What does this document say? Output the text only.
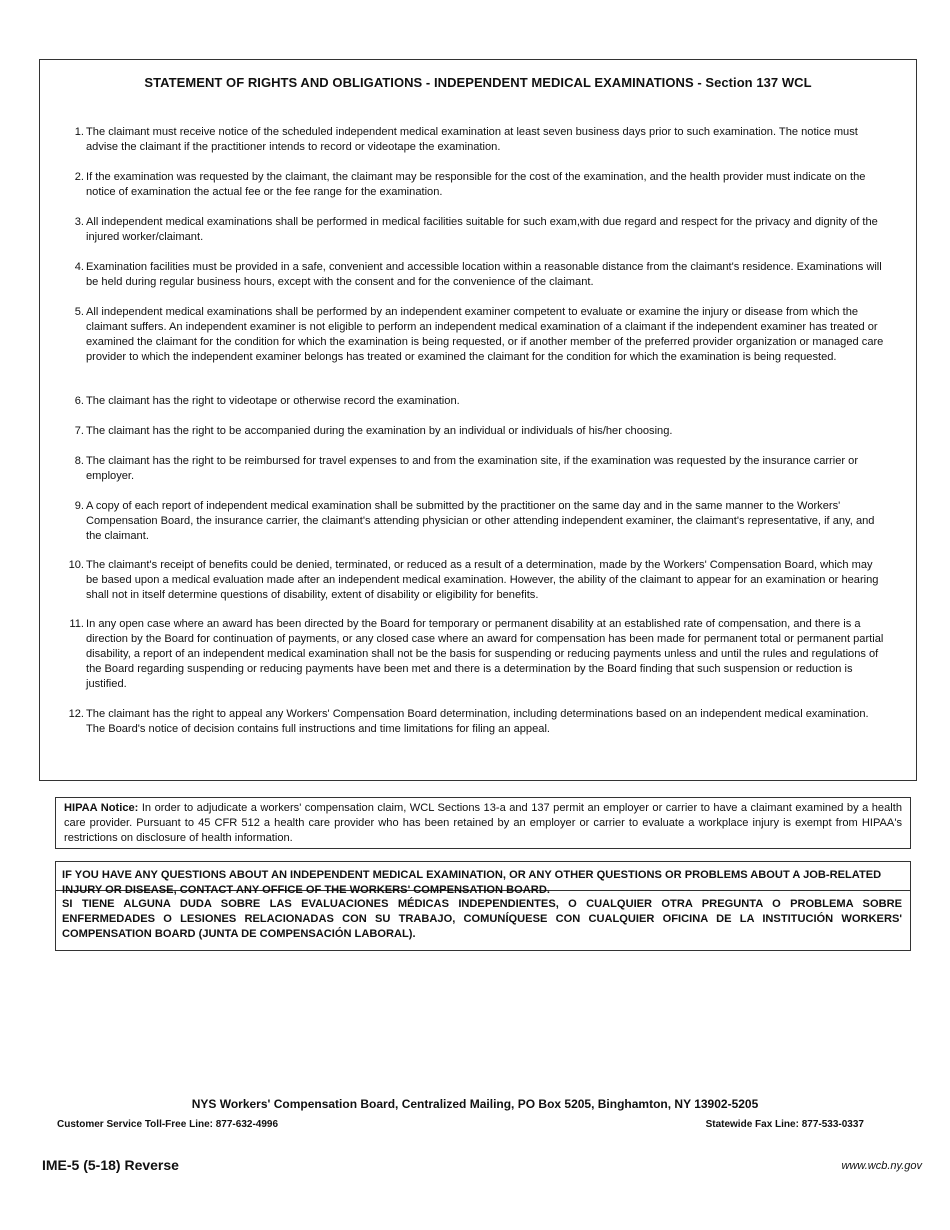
STATEMENT OF RIGHTS AND OBLIGATIONS - INDEPENDENT MEDICAL EXAMINATIONS - Section 137 WCL
1. The claimant must receive notice of the scheduled independent medical examination at least seven business days prior to such examination. The notice must advise the claimant if the practitioner intends to record or videotape the examination.
2. If the examination was requested by the claimant, the claimant may be responsible for the cost of the examination, and the health provider must indicate on the notice of examination the actual fee or the fee range for the examination.
3. All independent medical examinations shall be performed in medical facilities suitable for such exam,with due regard and respect for the privacy and dignity of the injured worker/claimant.
4. Examination facilities must be provided in a safe, convenient and accessible location within a reasonable distance from the claimant's residence. Examinations will be held during regular business hours, except with the consent and for the convenience of the claimant.
5. All independent medical examinations shall be performed by an independent examiner competent to evaluate or examine the injury or disease from which the claimant suffers. An independent examiner is not eligible to perform an independent medical examination of a claimant if the independent examiner has treated or examined the claimant for the condition for which the examination is being requested, or if another member of the preferred provider organization or managed care provider to which the independent examiner belongs has treated or examined the claimant for the condition for which the examination is being requested.
6. The claimant has the right to videotape or otherwise record the examination.
7. The claimant has the right to be accompanied during the examination by an individual or individuals of his/her choosing.
8. The claimant has the right to be reimbursed for travel expenses to and from the examination site, if the examination was requested by the insurance carrier or employer.
9. A copy of each report of independent medical examination shall be submitted by the practitioner on the same day and in the same manner to the Workers' Compensation Board, the insurance carrier, the claimant's attending physician or other attending independent examiner, the claimant's representative, if any, and the claimant.
10. The claimant's receipt of benefits could be denied, terminated, or reduced as a result of a determination, made by the Workers' Compensation Board, which may be based upon a medical evaluation made after an independent medical examination. However, the ability of the claimant to appear for an examination or hearing shall not in itself determine questions of disability, extent of disability or eligibility for benefits.
11. In any open case where an award has been directed by the Board for temporary or permanent disability at an established rate of compensation, and there is a direction by the Board for continuation of payments, or any closed case where an award for compensation has been made for permanent total or permanent partial disability, a report of an independent medical examination shall not be the basis for suspending or reducing payments unless and until the rules and regulations of the Board regarding suspending or reducing payments have been met and there is a determination by the Board finding that such suspension or reduction is justified.
12. The claimant has the right to appeal any Workers' Compensation Board determination, including determinations based on an independent medical examination. The Board's notice of decision contains full instructions and time limitations for filing an appeal.
HIPAA Notice: In order to adjudicate a workers' compensation claim, WCL Sections 13-a and 137 permit an employer or carrier to have a claimant examined by a health care provider. Pursuant to 45 CFR 512 a health care provider who has been retained by an employer or carrier to evaluate a workplace injury is exempt from HIPAA's restrictions on disclosure of health information.
IF YOU HAVE ANY QUESTIONS ABOUT AN INDEPENDENT MEDICAL EXAMINATION, OR ANY OTHER QUESTIONS OR PROBLEMS ABOUT A JOB-RELATED INJURY OR DISEASE, CONTACT ANY OFFICE OF THE WORKERS' COMPENSATION BOARD.
SI TIENE ALGUNA DUDA SOBRE LAS EVALUACIONES MÉDICAS INDEPENDIENTES, O CUALQUIER OTRA PREGUNTA O PROBLEMA SOBRE ENFERMEDADES O LESIONES RELACIONADAS CON SU TRABAJO, COMUNÍQUESE CON CUALQUIER OFICINA DE LA INSTITUCIÓN WORKERS' COMPENSATION BOARD (JUNTA DE COMPENSACIÓN LABORAL).
NYS Workers' Compensation Board, Centralized Mailing, PO Box 5205, Binghamton, NY 13902-5205
Customer Service Toll-Free Line: 877-632-4996	Statewide Fax Line: 877-533-0337
IME-5 (5-18) Reverse	www.wcb.ny.gov
